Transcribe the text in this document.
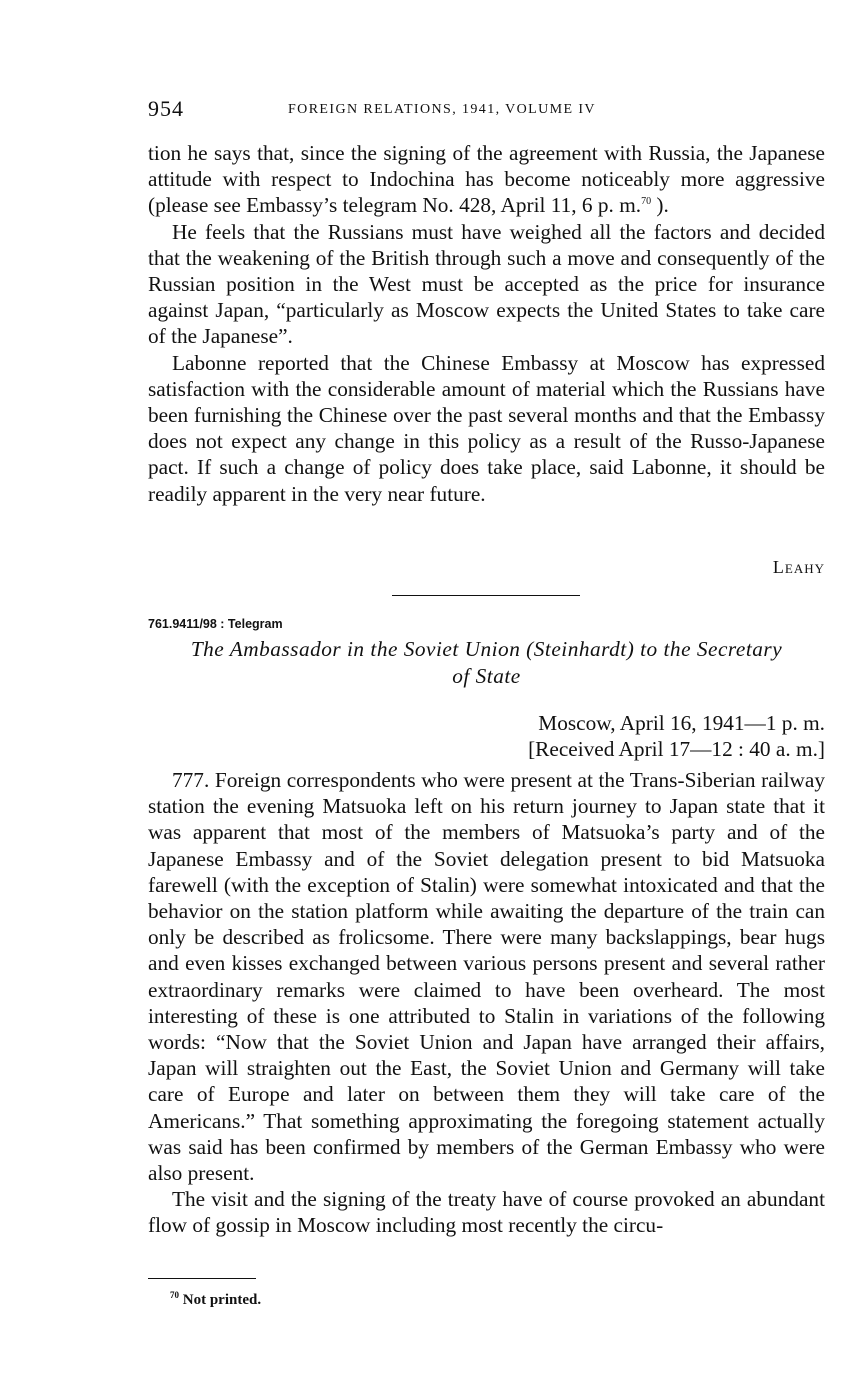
954	FOREIGN RELATIONS, 1941, VOLUME IV

tion he says that, since the signing of the agreement with Russia, the Japanese attitude with respect to Indochina has become noticeably more aggressive (please see Embassy’s telegram No. 428, April 11, 6 p. m.$^{70}$ ).

He feels that the Russians must have weighed all the factors and decided that the weakening of the British through such a move and consequently of the Russian position in the West must be accepted as the price for insurance against Japan, “particularly as Moscow expects the United States to take care of the Japanese”.

Labonne reported that the Chinese Embassy at Moscow has expressed satisfaction with the considerable amount of material which the Russians have been furnishing the Chinese over the past several months and that the Embassy does not expect any change in this policy as a result of the Russo-Japanese pact. If such a change of policy does take place, said Labonne, it should be readily apparent in the very near future.

Leahy
761.9411/98 : Telegram
The Ambassador in the Soviet Union (Steinhardt) to the Secretary
of State
Moscow, April 16, 1941—1 p. m.
[Received April 17—12 : 40 a. m.]

777. Foreign correspondents who were present at the Trans-Siberian railway station the evening Matsuoka left on his return journey to Japan state that it was apparent that most of the members of Matsuoka’s party and of the Japanese Embassy and of the Soviet delegation present to bid Matsuoka farewell (with the exception of Stalin) were somewhat intoxicated and that the behavior on the station platform while awaiting the departure of the train can only be described as frolicsome. There were many backslappings, bear hugs and even kisses exchanged between various persons present and several rather extraordinary remarks were claimed to have been overheard. The most interesting of these is one attributed to Stalin in variations of the following words: “Now that the Soviet Union and Japan have arranged their affairs, Japan will straighten out the East, the Soviet Union and Germany will take care of Europe and later on between them they will take care of the Americans.” That something approximating the foregoing statement actually was said has been confirmed by members of the German Embassy who were also present.

The visit and the signing of the treaty have of course provoked an abundant flow of gossip in Moscow including most recently the circu-

$^{70}$ Not printed.
